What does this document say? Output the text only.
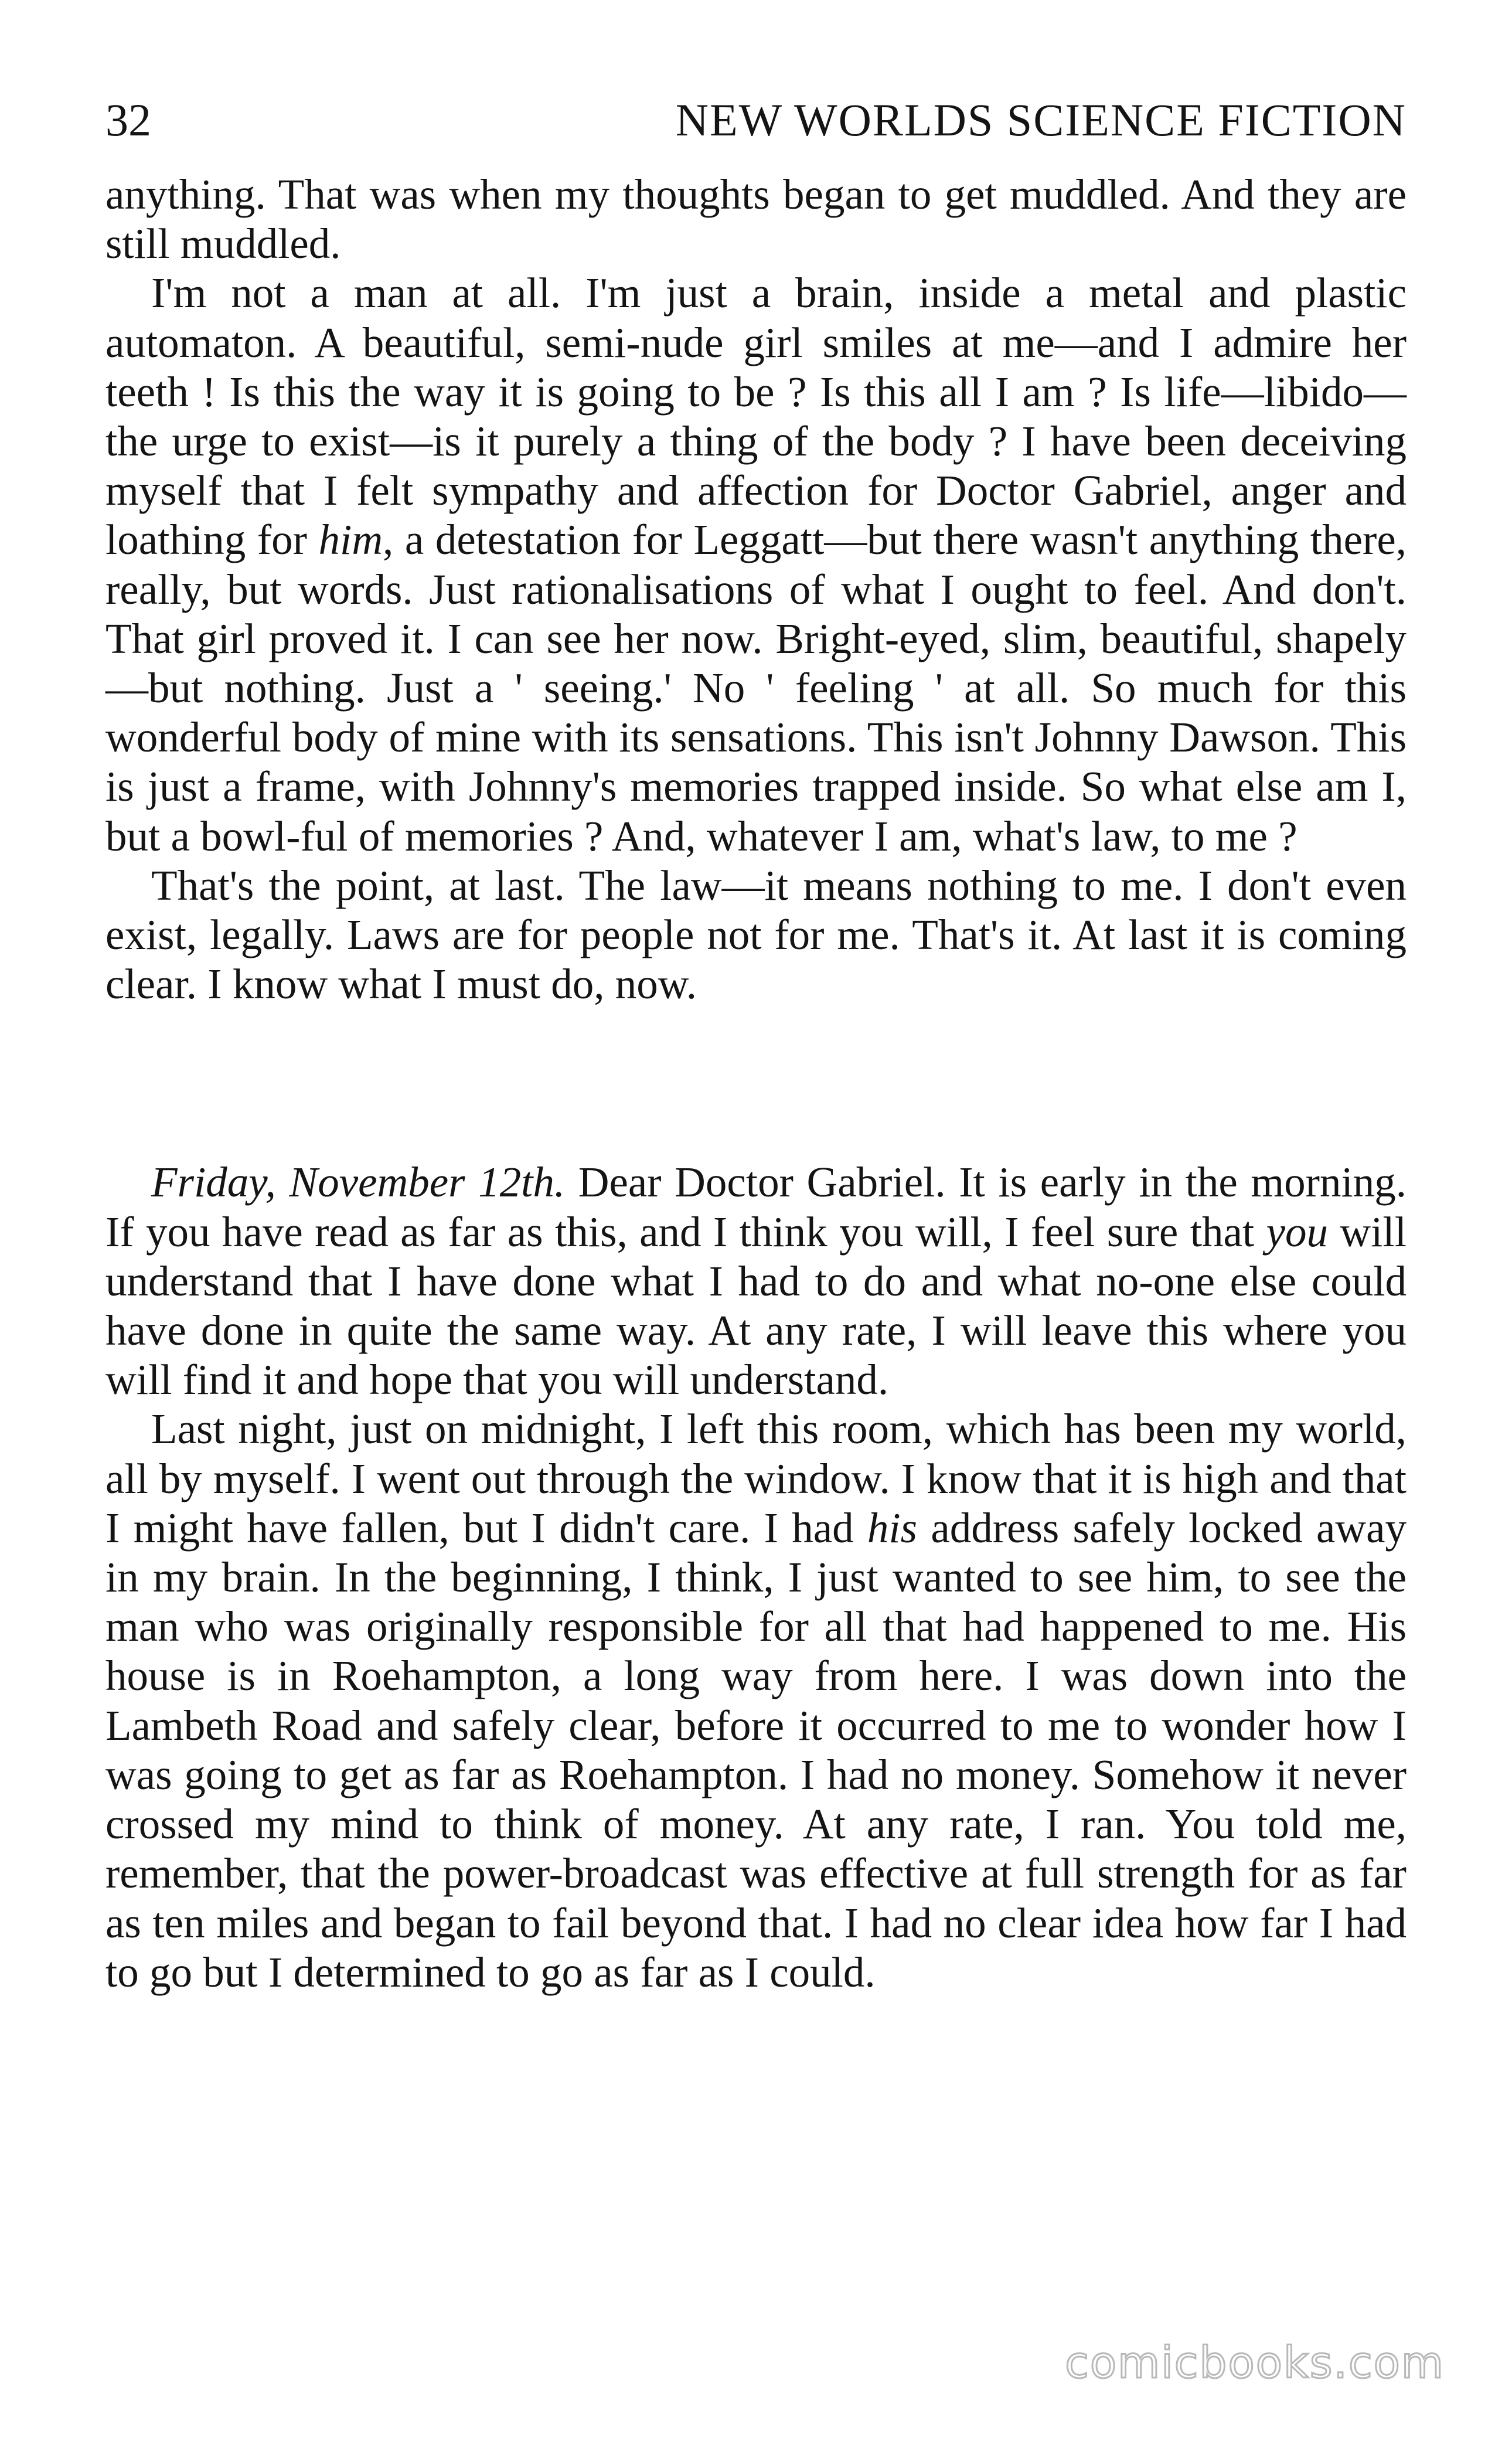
32	NEW WORLDS SCIENCE FICTION

anything. That was when my thoughts began to get muddled. And they are still muddled.

I'm not a man at all. I'm just a brain, inside a metal and plastic automaton. A beautiful, semi-nude girl smiles at me—and I admire her teeth ! Is this the way it is going to be ? Is this all I am ? Is life—libido—the urge to exist—is it purely a thing of the body ? I have been deceiving myself that I felt sympathy and affection for Doctor Gabriel, anger and loathing for him, a detestation for Leggatt—but there wasn't anything there, really, but words. Just rationalisations of what I ought to feel. And don't. That girl proved it. I can see her now. Bright-eyed, slim, beautiful, shapely—but nothing. Just a ' seeing.' No ' feeling ' at all. So much for this wonderful body of mine with its sensations. This isn't Johnny Dawson. This is just a frame, with Johnny's memories trapped inside. So what else am I, but a bowl-ful of memories ? And, whatever I am, what's law, to me ?

That's the point, at last. The law—it means nothing to me. I don't even exist, legally. Laws are for people not for me. That's it. At last it is coming clear. I know what I must do, now.

Friday, November 12th. Dear Doctor Gabriel. It is early in the morning. If you have read as far as this, and I think you will, I feel sure that you will understand that I have done what I had to do and what no-one else could have done in quite the same way. At any rate, I will leave this where you will find it and hope that you will understand.

Last night, just on midnight, I left this room, which has been my world, all by myself. I went out through the window. I know that it is high and that I might have fallen, but I didn't care. I had his address safely locked away in my brain. In the beginning, I think, I just wanted to see him, to see the man who was originally responsible for all that had happened to me. His house is in Roehampton, a long way from here. I was down into the Lambeth Road and safely clear, before it occurred to me to wonder how I was going to get as far as Roehampton. I had no money. Somehow it never crossed my mind to think of money. At any rate, I ran. You told me, remember, that the power-broadcast was effective at full strength for as far as ten miles and began to fail beyond that. I had no clear idea how far I had to go but I determined to go as far as I could.

comicbooks.com
